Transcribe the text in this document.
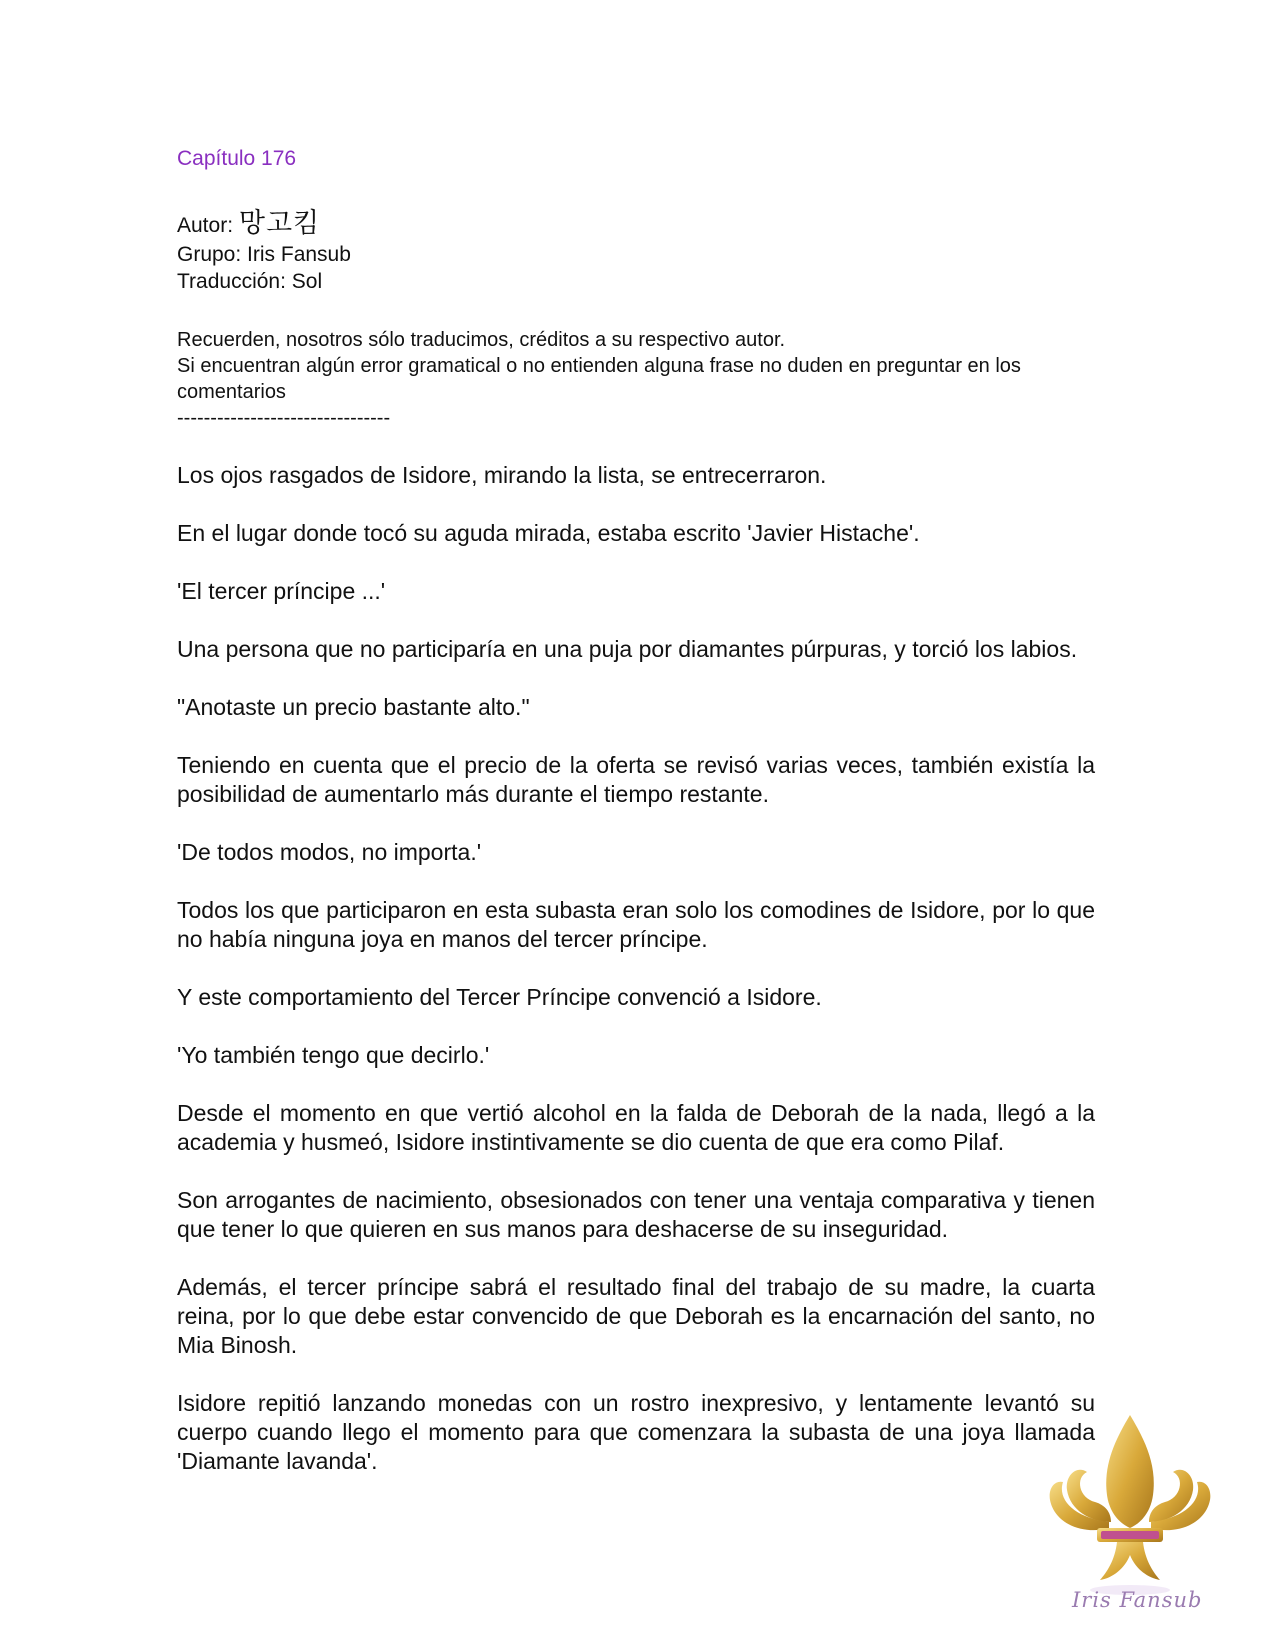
Capítulo 176
Autor: 망고킴
Grupo: Iris Fansub
Traducción: Sol

Recuerden, nosotros sólo traducimos, créditos a su respectivo autor.

Si encuentran algún error gramatical o no entienden alguna frase no duden en preguntar en los comentarios

--------------------------------

Los ojos rasgados de Isidore, mirando la lista, se entrecerraron.

En el lugar donde tocó su aguda mirada, estaba escrito 'Javier Histache'.

'El tercer príncipe ...'

Una persona que no participaría en una puja por diamantes púrpuras, y torció los labios.

"Anotaste un precio bastante alto."

Teniendo en cuenta que el precio de la oferta se revisó varias veces, también existía la posibilidad de aumentarlo más durante el tiempo restante.

'De todos modos, no importa.'

Todos los que participaron en esta subasta eran solo los comodines de Isidore, por lo que no había ninguna joya en manos del tercer príncipe.

Y este comportamiento del Tercer Príncipe convenció a Isidore.

'Yo también tengo que decirlo.'

Desde el momento en que vertió alcohol en la falda de Deborah de la nada, llegó a la academia y husmeó, Isidore instintivamente se dio cuenta de que era como Pilaf.

Son arrogantes de nacimiento, obsesionados con tener una ventaja comparativa y tienen que tener lo que quieren en sus manos para deshacerse de su inseguridad.

Además, el tercer príncipe sabrá el resultado final del trabajo de su madre, la cuarta reina, por lo que debe estar convencido de que Deborah es la encarnación del santo, no Mia Binosh.

Isidore repitió lanzando monedas con un rostro inexpresivo, y lentamente levantó su cuerpo cuando llego el momento para que comenzara la subasta de una joya llamada 'Diamante lavanda'.

Iris Fansub
